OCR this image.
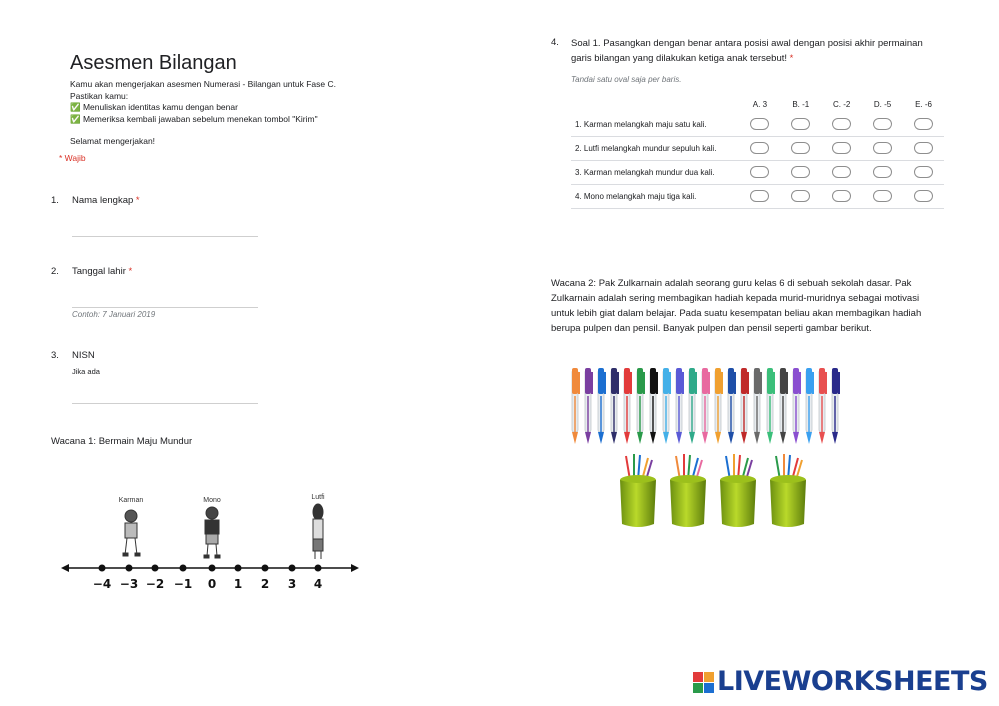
Asesmen Bilangan
Kamu akan mengerjakan asesmen Numerasi - Bilangan untuk Fase C.
Pastikan kamu:
✅ Menuliskan identitas kamu dengan benar
✅ Memeriksa kembali jawaban sebelum menekan tombol "Kirim"
Selamat mengerjakan!
* Wajib
1. Nama lengkap *
2. Tanggal lahir *
Contoh: 7 Januari 2019
3. NISN
Jika ada
Wacana 1: Bermain Maju Mundur
Karman	Mono	Lutfi
−4 −3 −2 −1 0 1 2 3 4
4. Soal 1. Pasangkan dengan benar antara posisi awal dengan posisi akhir permainan
garis bilangan yang dilakukan ketiga anak tersebut! *
Tandai satu oval saja per baris.
	A. 3	B. -1	C. -2	D. -5	E. -6
1. Karman melangkah maju satu kali.					
2. Lutfi melangkah mundur sepuluh kali.					
3. Karman melangkah mundur dua kali.					
4. Mono melangkah maju tiga kali.					
Wacana 2: Pak Zulkarnain adalah seorang guru kelas 6 di sebuah sekolah dasar. Pak Zulkarnain adalah sering membagikan hadiah kepada murid-muridnya sebagai motivasi untuk lebih giat dalam belajar. Pada suatu kesempatan beliau akan membagikan hadiah berupa pulpen dan pensil. Banyak pulpen dan pensil seperti gambar berikut.
LIVEWORKSHEETS
